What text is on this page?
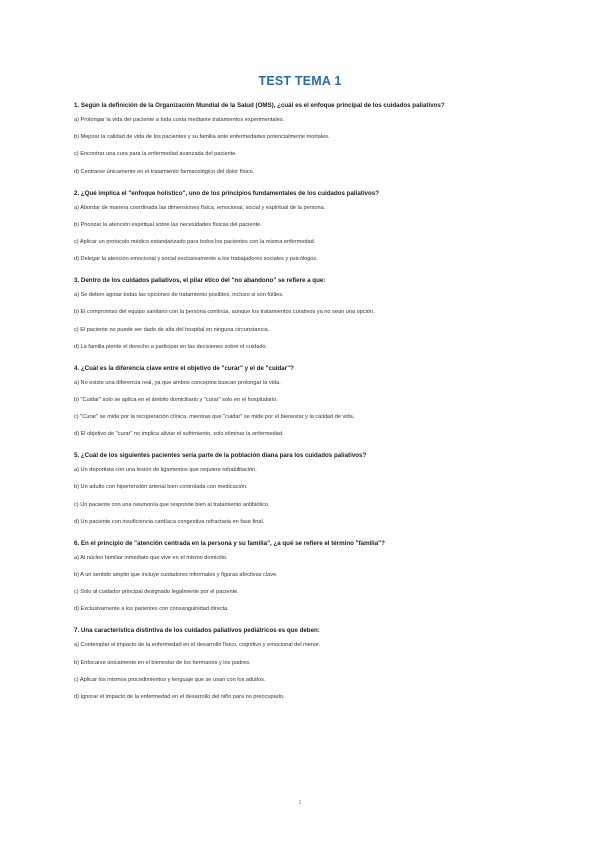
TEST TEMA 1
1. Según la definición de la Organización Mundial de la Salud (OMS), ¿cuál es el enfoque principal de los cuidados paliativos?
a) Prolongar la vida del paciente a toda costa mediante tratamientos experimentales.
b) Mejorar la calidad de vida de los pacientes y su familia ante enfermedades potencialmente mortales.
c) Encontrar una cura para la enfermedad avanzada del paciente.
d) Centrarse únicamente en el tratamiento farmacológico del dolor físico.
2. ¿Qué implica el "enfoque holístico", uno de los principios fundamentales de los cuidados paliativos?
a) Abordar de manera coordinada las dimensiones física, emocional, social y espiritual de la persona.
b) Priorizar la atención espiritual sobre las necesidades físicas del paciente.
c) Aplicar un protocolo médico estandarizado para todos los pacientes con la misma enfermedad.
d) Delegar la atención emocional y social exclusivamente a los trabajadores sociales y psicólogos.
3. Dentro de los cuidados paliativos, el pilar ético del "no abandono" se refiere a que:
a) Se deben agotar todas las opciones de tratamiento posibles, incluso si son fútiles.
b) El compromiso del equipo sanitario con la persona continúa, aunque los tratamientos curativos ya no sean una opción.
c) El paciente no puede ser dado de alta del hospital en ninguna circunstancia.
d) La familia pierde el derecho a participar en las decisiones sobre el cuidado.
4. ¿Cuál es la diferencia clave entre el objetivo de "curar" y el de "cuidar"?
a) No existe una diferencia real, ya que ambos conceptos buscan prolongar la vida.
b) "Cuidar" solo se aplica en el ámbito domiciliario y "curar" solo en el hospitalario.
c) "Curar" se mide por la recuperación clínica, mientras que "cuidar" se mide por el bienestar y la calidad de vida.
d) El objetivo de "curar" no implica aliviar el sufrimiento, solo eliminar la enfermedad.
5. ¿Cuál de los siguientes pacientes sería parte de la población diana para los cuidados paliativos?
a) Un deportista con una lesión de ligamentos que requiere rehabilitación.
b) Un adulto con hipertensión arterial bien controlada con medicación.
c) Un paciente con una neumonía que responde bien al tratamiento antibiótico.
d) Un paciente con insuficiencia cardíaca congestiva refractaria en fase final.
6. En el principio de "atención centrada en la persona y su familia", ¿a qué se refiere el término "familia"?
a) Al núcleo familiar inmediato que vive en el mismo domicilio.
b) A un sentido amplio que incluye cuidadores informales y figuras afectivas clave.
c) Solo al cuidador principal designado legalmente por el paciente.
d) Exclusivamente a los parientes con consanguinidad directa.
7. Una característica distintiva de los cuidados paliativos pediátricos es que deben:
a) Contemplar el impacto de la enfermedad en el desarrollo físico, cognitivo y emocional del menor.
b) Enfocarse únicamente en el bienestar de los hermanos y los padres.
c) Aplicar los mismos procedimientos y lenguaje que se usan con los adultos.
d) Ignorar el impacto de la enfermedad en el desarrollo del niño para no preocuparlo.
1
